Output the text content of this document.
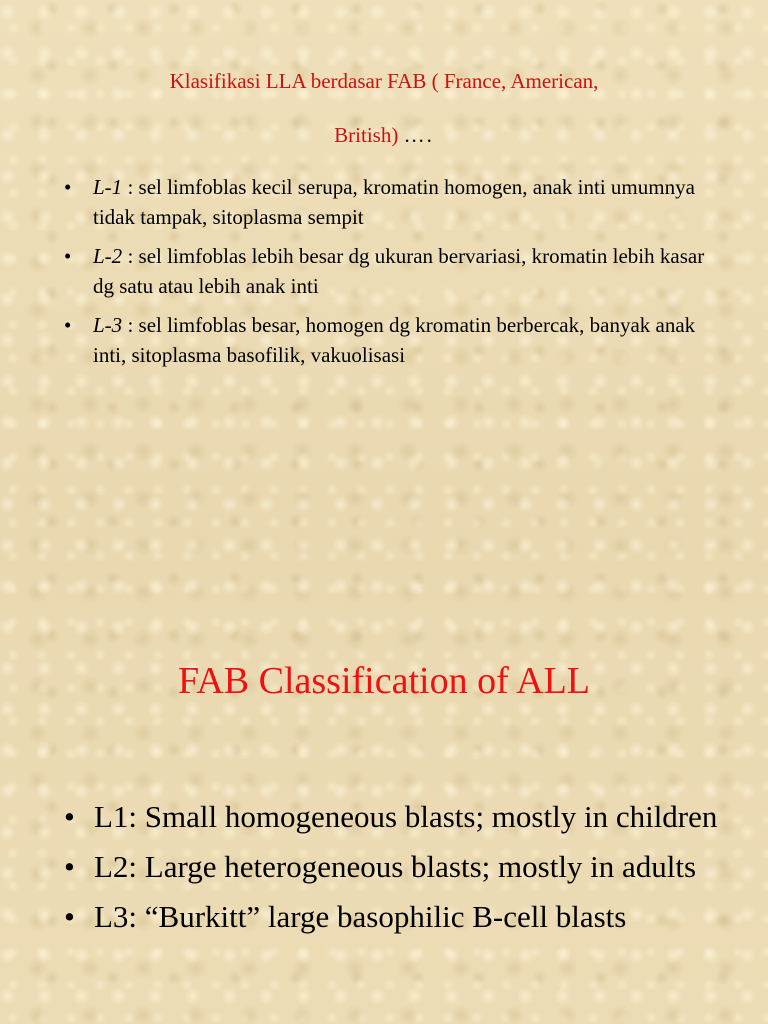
Klasifikasi LLA berdasar FAB ( France, American,
British) ….
• L-1 : sel limfoblas kecil serupa, kromatin homogen, anak inti umumnya tidak tampak, sitoplasma sempit
• L-2 : sel limfoblas lebih besar dg ukuran bervariasi, kromatin lebih kasar dg satu atau lebih anak inti
• L-3 : sel limfoblas besar, homogen dg kromatin berbercak, banyak anak inti, sitoplasma basofilik, vakuolisasi
FAB Classification of ALL
• L1: Small homogeneous blasts; mostly in children
• L2: Large heterogeneous blasts; mostly in adults
• L3: “Burkitt” large basophilic B-cell blasts
